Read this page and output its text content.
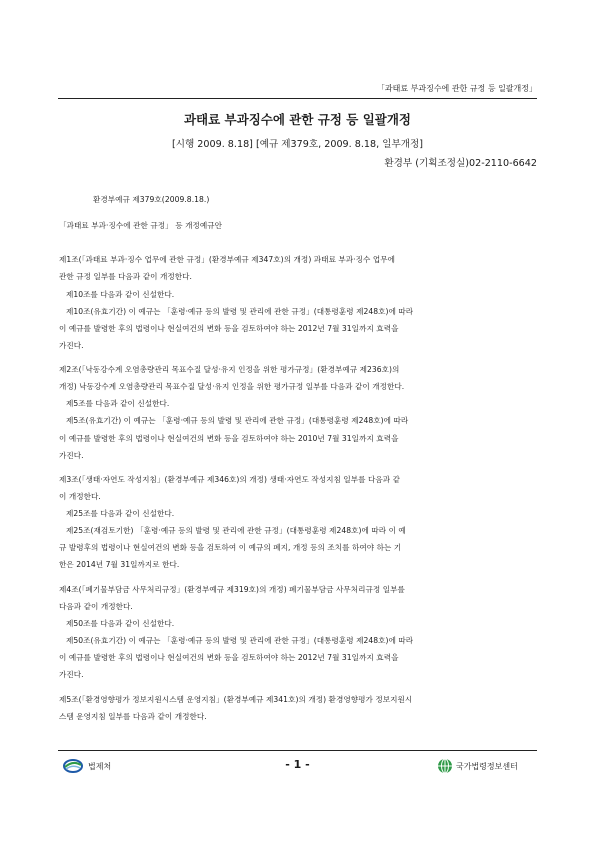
「과태료 부과징수에 관한 규정 등 일괄개정」
과태료 부과징수에 관한 규정 등 일괄개정
[시행 2009. 8.18] [예규 제379호, 2009. 8.18, 일부개정]
환경부 (기획조정실)02-2110-6642
환경부예규 제379호(2009.8.18.)
「과태료 부과·징수에 관한 규정」 등 개정예규안
제1조(「과태료 부과·징수 업무에 관한 규정」(환경부예규 제347호)의 개정) 과태료 부과·징수 업무에
관한 규정 일부를 다음과 같이 개정한다.
제10조를 다음과 같이 신설한다.
제10조(유효기간) 이 예규는 「훈령·예규 등의 발령 및 관리에 관한 규정」(대통령훈령 제248호)에 따라
이 예규를 발령한 후의 법령이나 현실여건의 변화 등을 검토하여야 하는 2012년 7월 31일까지 효력을
가진다.
제2조(「낙동강수계 오염총량관리 목표수질 달성·유지 인정을 위한 평가규정」(환경부예규 제236호)의
개정) 낙동강수계 오염총량관리 목표수질 달성·유지 인정을 위한 평가규정 일부를 다음과 같이 개정한다.
제5조를 다음과 같이 신설한다.
제5조(유효기간) 이 예규는 「훈령·예규 등의 발령 및 관리에 관한 규정」(대통령훈령 제248호)에 따라
이 예규를 발령한 후의 법령이나 현실여건의 변화 등을 검토하여야 하는 2010년 7월 31일까지 효력을
가진다.
제3조(「생태·자연도 작성지침」(환경부예규 제346호)의 개정) 생태·자연도 작성지침 일부를 다음과 같
이 개정한다.
제25조를 다음과 같이 신설한다.
제25조(재검토기한) 「훈령·예규 등의 발령 및 관리에 관한 규정」(대통령훈령 제248호)에 따라 이 예
규 발령후의 법령이나 현실여건의 변화 등을 검토하여 이 예규의 폐지, 개정 등의 조치를 하여야 하는 기
한은 2014년 7월 31일까지로 한다.
제4조(「폐기물부담금 사무처리규정」(환경부예규 제319호)의 개정) 폐기물부담금 사무처리규정 일부를
다음과 같이 개정한다.
제50조를 다음과 같이 신설한다.
제50조(유효기간) 이 예규는 「훈령·예규 등의 발령 및 관리에 관한 규정」(대통령훈령 제248호)에 따라
이 예규를 발령한 후의 법령이나 현실여건의 변화 등을 검토하여야 하는 2012년 7월 31일까지 효력을
가진다.
제5조(「환경영향평가 정보지원시스템 운영지침」(환경부예규 제341호)의 개정) 환경영향평가 정보지원시
스템 운영지침 일부를 다음과 같이 개정한다.
법제처	- 1 -	국가법령정보센터
